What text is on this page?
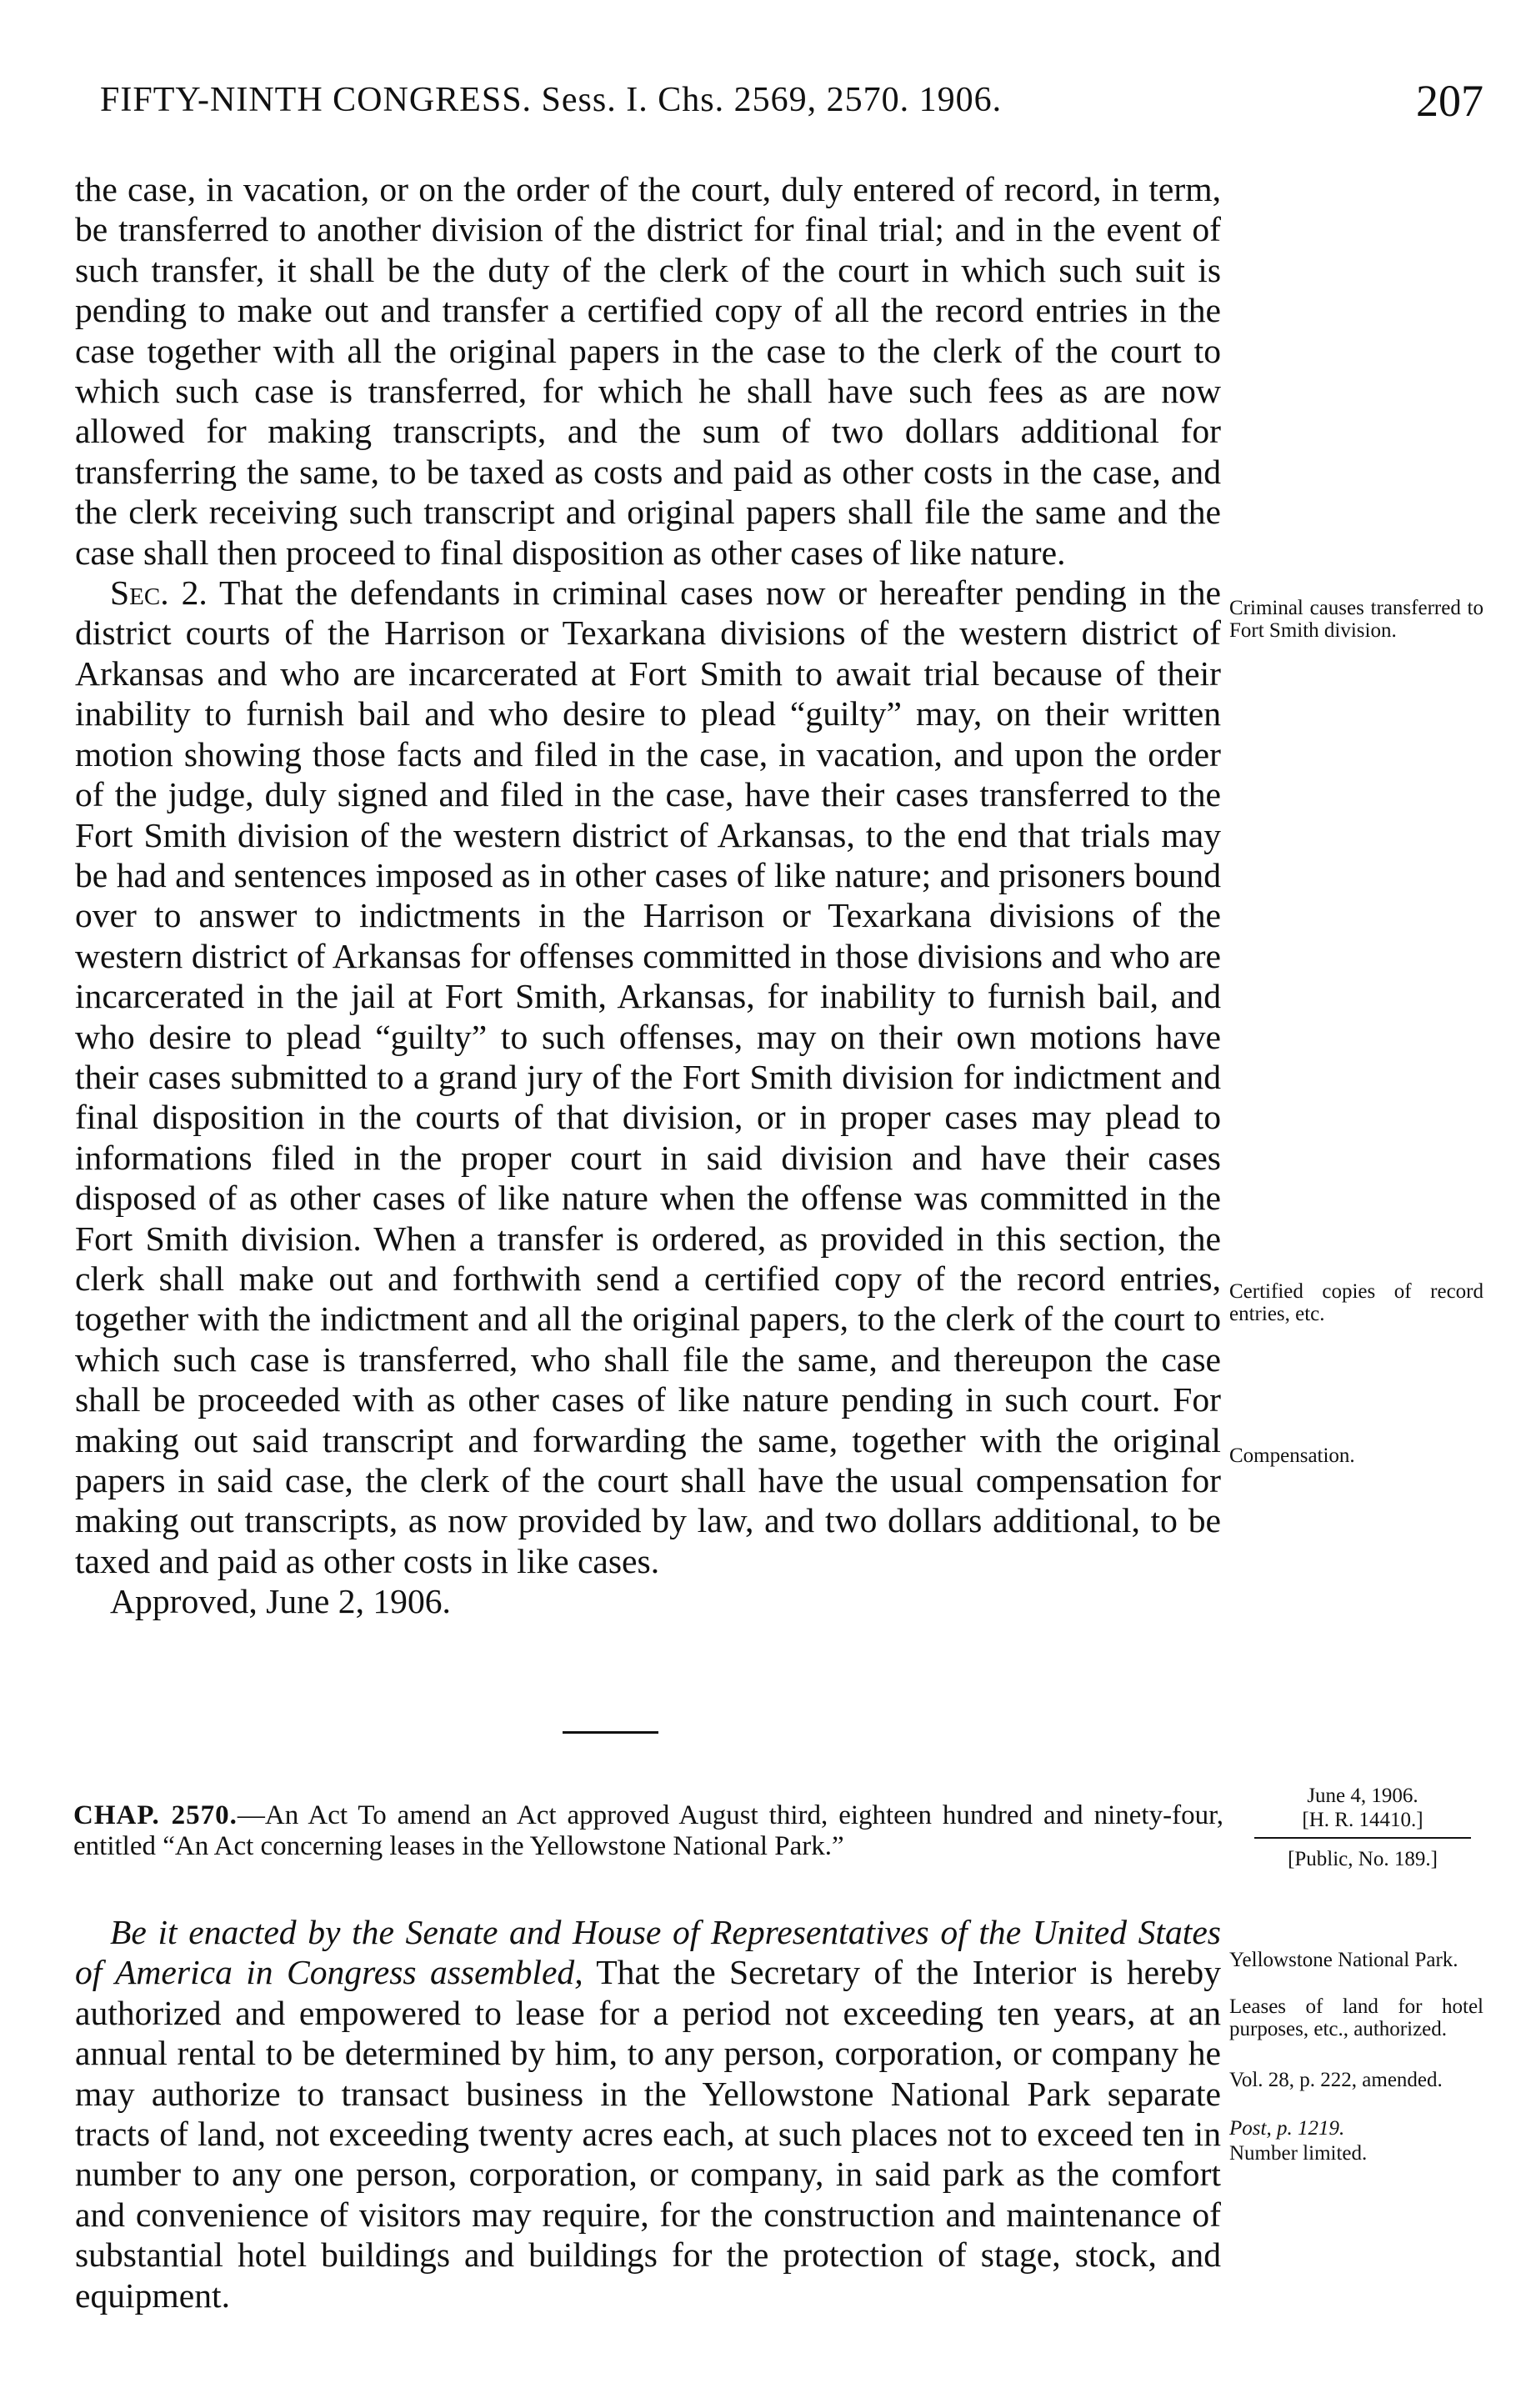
FIFTY-NINTH CONGRESS. Sess. I. Chs. 2569, 2570. 1906.	207

the case, in vacation, or on the order of the court, duly entered of record, in term, be transferred to another division of the district for final trial; and in the event of such transfer, it shall be the duty of the clerk of the court in which such suit is pending to make out and transfer a certified copy of all the record entries in the case together with all the original papers in the case to the clerk of the court to which such case is transferred, for which he shall have such fees as are now allowed for making transcripts, and the sum of two dollars additional for transferring the same, to be taxed as costs and paid as other costs in the case, and the clerk receiving such transcript and original papers shall file the same and the case shall then proceed to final disposition as other cases of like nature.

Sec. 2. That the defendants in criminal cases now or hereafter pending in the district courts of the Harrison or Texarkana divisions of the western district of Arkansas and who are incarcerated at Fort Smith to await trial because of their inability to furnish bail and who desire to plead “guilty” may, on their written motion showing those facts and filed in the case, in vacation, and upon the order of the judge, duly signed and filed in the case, have their cases transferred to the Fort Smith division of the western district of Arkansas, to the end that trials may be had and sentences imposed as in other cases of like nature; and prisoners bound over to answer to indictments in the Harrison or Texarkana divisions of the western district of Arkansas for offenses committed in those divisions and who are incarcerated in the jail at Fort Smith, Arkansas, for inability to furnish bail, and who desire to plead “guilty” to such offenses, may on their own motions have their cases submitted to a grand jury of the Fort Smith division for indictment and final disposition in the courts of that division, or in proper cases may plead to informations filed in the proper court in said division and have their cases disposed of as other cases of like nature when the offense was committed in the Fort Smith division. When a transfer is ordered, as provided in this section, the clerk shall make out and forthwith send a certified copy of the record entries, together with the indictment and all the original papers, to the clerk of the court to which such case is transferred, who shall file the same, and thereupon the case shall be proceeded with as other cases of like nature pending in such court. For making out said transcript and forwarding the same, together with the original papers in said case, the clerk of the court shall have the usual compensation for making out transcripts, as now provided by law, and two dollars additional, to be taxed and paid as other costs in like cases.

Approved, June 2, 1906.

Criminal causes transferred to Fort Smith division.
Certified copies of record entries, etc.
Compensation.
CHAP. 2570.—An Act To amend an Act approved August third, eighteen hundred and ninety-four, entitled “An Act concerning leases in the Yellowstone National Park.”
June 4, 1906.
[H. R. 14410.]
[Public, No. 189.]

Be it enacted by the Senate and House of Representatives of the United States of America in Congress assembled, That the Secretary of the Interior is hereby authorized and empowered to lease for a period not exceeding ten years, at an annual rental to be determined by him, to any person, corporation, or company he may authorize to transact business in the Yellowstone National Park separate tracts of land, not exceeding twenty acres each, at such places not to exceed ten in number to any one person, corporation, or company, in said park as the comfort and convenience of visitors may require, for the construction and maintenance of substantial hotel buildings and buildings for the protection of stage, stock, and equipment.

Yellowstone National Park.
Leases of land for hotel purposes, etc., authorized.
Vol. 28, p. 222, amended.
Post, p. 1219.
Number limited.
